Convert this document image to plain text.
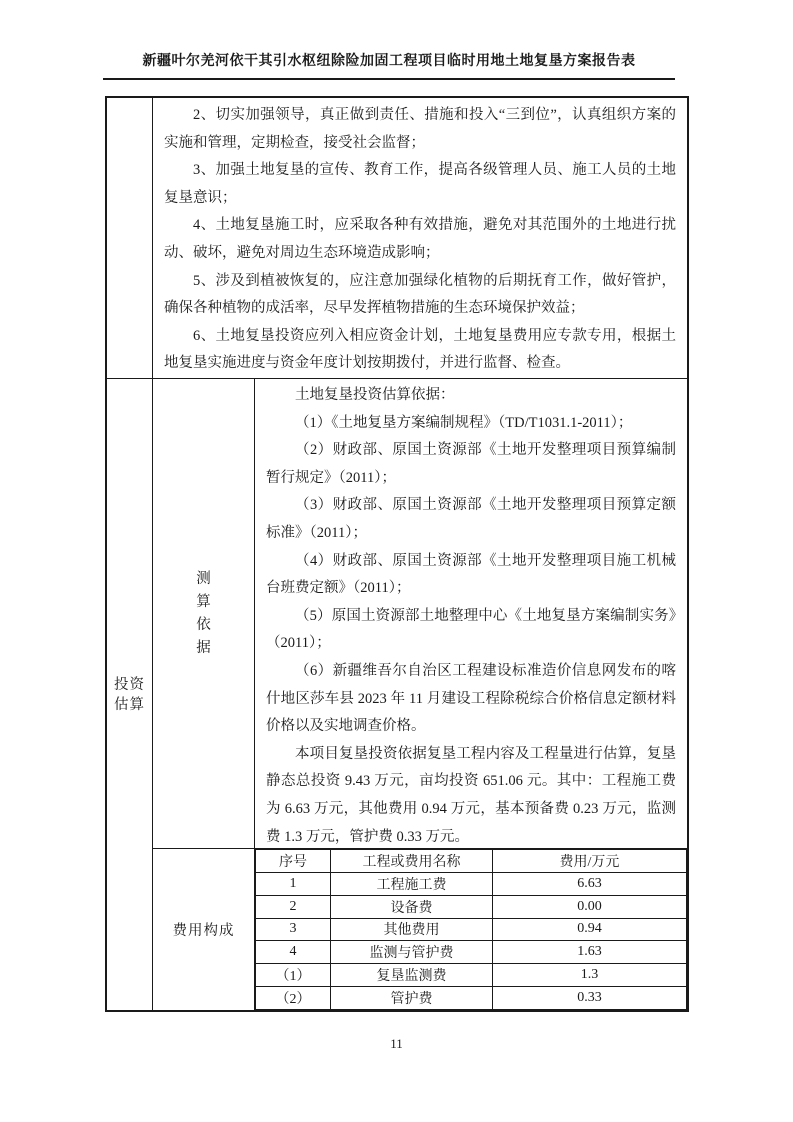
新疆叶尔羌河依干其引水枢纽除险加固工程项目临时用地土地复垦方案报告表

2、切实加强领导，真正做到责任、措施和投入“三到位”，认真组织方案的实施和管理，定期检查，接受社会监督；

3、加强土地复垦的宣传、教育工作，提高各级管理人员、施工人员的土地复垦意识；

4、土地复垦施工时，应采取各种有效措施，避免对其范围外的土地进行扰动、破坏，避免对周边生态环境造成影响；

5、涉及到植被恢复的，应注意加强绿化植物的后期抚育工作，做好管护，确保各种植物的成活率，尽早发挥植物措施的生态环境保护效益；

6、土地复垦投资应列入相应资金计划，土地复垦费用应专款专用，根据土地复垦实施进度与资金年度计划按期拨付，并进行监督、检查。

投资估算
测算依据

土地复垦投资估算依据：

（1）《土地复垦方案编制规程》（TD/T1031.1-2011）；

（2）财政部、原国土资源部《土地开发整理项目预算编制暂行规定》（2011）；

（3）财政部、原国土资源部《土地开发整理项目预算定额标准》（2011）；

（4）财政部、原国土资源部《土地开发整理项目施工机械台班费定额》（2011）；

（5）原国土资源部土地整理中心《土地复垦方案编制实务》（2011）；

（6）新疆维吾尔自治区工程建设标准造价信息网发布的喀什地区莎车县 2023 年 11 月建设工程除税综合价格信息定额材料价格以及实地调查价格。

本项目复垦投资依据复垦工程内容及工程量进行估算，复垦静态总投资 9.43 万元，亩均投资 651.06 元。其中：工程施工费为 6.63 万元，其他费用 0.94 万元，基本预备费 0.23 万元，监测费 1.3 万元，管护费 0.33 万元。

费用构成
序号	工程或费用名称	费用/万元
1	工程施工费	6.63
2	设备费	0.00
3	其他费用	0.94
4	监测与管护费	1.63
（1）	复垦监测费	1.3
（2）	管护费	0.33
11
